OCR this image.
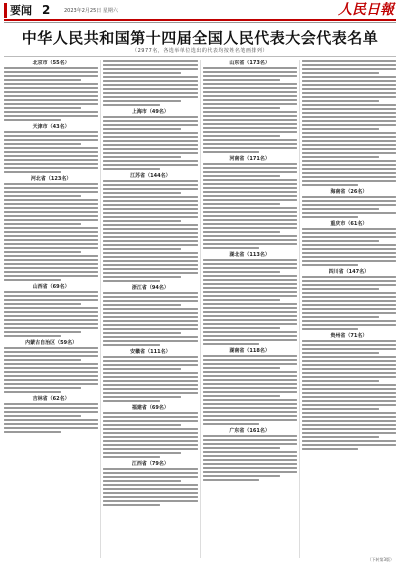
要闻 2	2023年2月25日 星期六	人民日報
中华人民共和国第十四届全国人民代表大会代表名单
（2977名，各选举单位选出的代表均按姓名笔画排列）
北京市（55名）
天津市（43名）
河北省（123名）
山西省（69名）
内蒙古自治区（59名）
吉林省（62名）
上海市（49名）
江苏省（144名）
浙江省（94名）
安徽省（111名）
福建省（69名）
江西省（79名）
山东省（173名）
河南省（171名）
湖北省（113名）
湖南省（118名）
广东省（161名）
海南省（26名）
重庆市（61名）
四川省（147名）
贵州省（71名）
（下转第3版）
